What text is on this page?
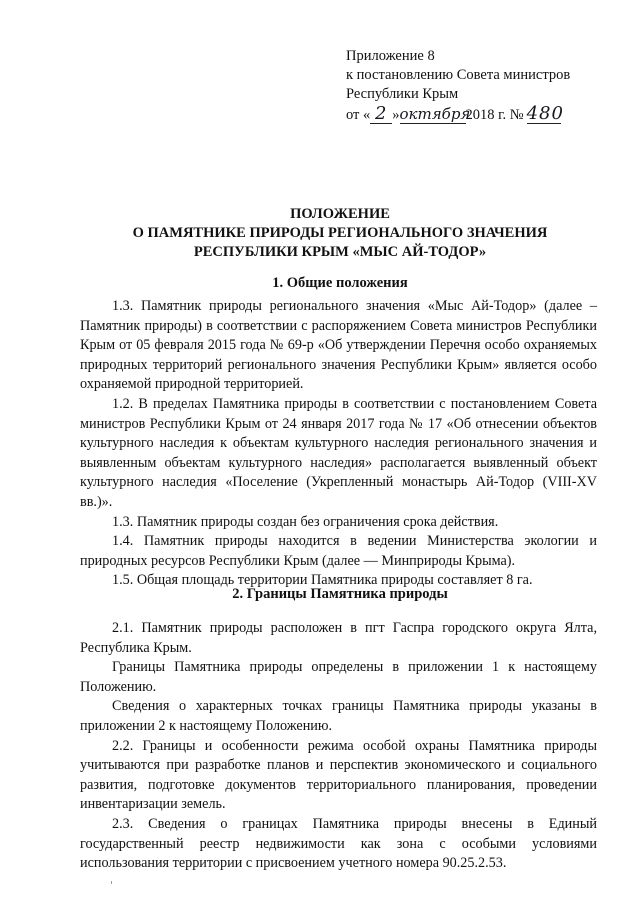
Приложение 8
к постановлению Совета министров
Республики Крым
от « 2 »октября2018 г. № 480
ПОЛОЖЕНИЕ
О ПАМЯТНИКЕ ПРИРОДЫ РЕГИОНАЛЬНОГО ЗНАЧЕНИЯ
РЕСПУБЛИКИ КРЫМ «МЫС АЙ-ТОДОР»
1. Общие положения

1.3. Памятник природы регионального значения «Мыс Ай-Тодор» (далее – Памятник природы) в соответствии с распоряжением Совета министров Республики Крым от 05 февраля 2015 года № 69-р «Об утверждении Перечня особо охраняемых природных территорий регионального значения Республики Крым» является особо охраняемой природной территорией.

1.2. В пределах Памятника природы в соответствии с постановлением Совета министров Республики Крым от 24 января 2017 года № 17 «Об отнесении объектов культурного наследия к объектам культурного наследия регионального значения и выявленным объектам культурного наследия» располагается выявленный объект культурного наследия «Поселение (Укрепленный монастырь Ай-Тодор (VIII-XV вв.)».

1.3. Памятник природы создан без ограничения срока действия.

1.4. Памятник природы находится в ведении Министерства экологии и природных ресурсов Республики Крым (далее — Минприроды Крыма).

1.5. Общая площадь территории Памятника природы составляет 8 га.

2. Границы Памятника природы

2.1. Памятник природы расположен в пгт Гаспра городского округа Ялта, Республика Крым.

Границы Памятника природы определены в приложении 1 к настоящему Положению.

Сведения о характерных точках границы Памятника природы указаны в приложении 2 к настоящему Положению.

2.2. Границы и особенности режима особой охраны Памятника природы учитываются при разработке планов и перспектив экономического и социального развития, подготовке документов территориального планирования, проведении инвентаризации земель.

2.3. Сведения о границах Памятника природы внесены в Единый государственный реестр недвижимости как зона с особыми условиями использования территории с присвоением учетного номера 90.25.2.53.
